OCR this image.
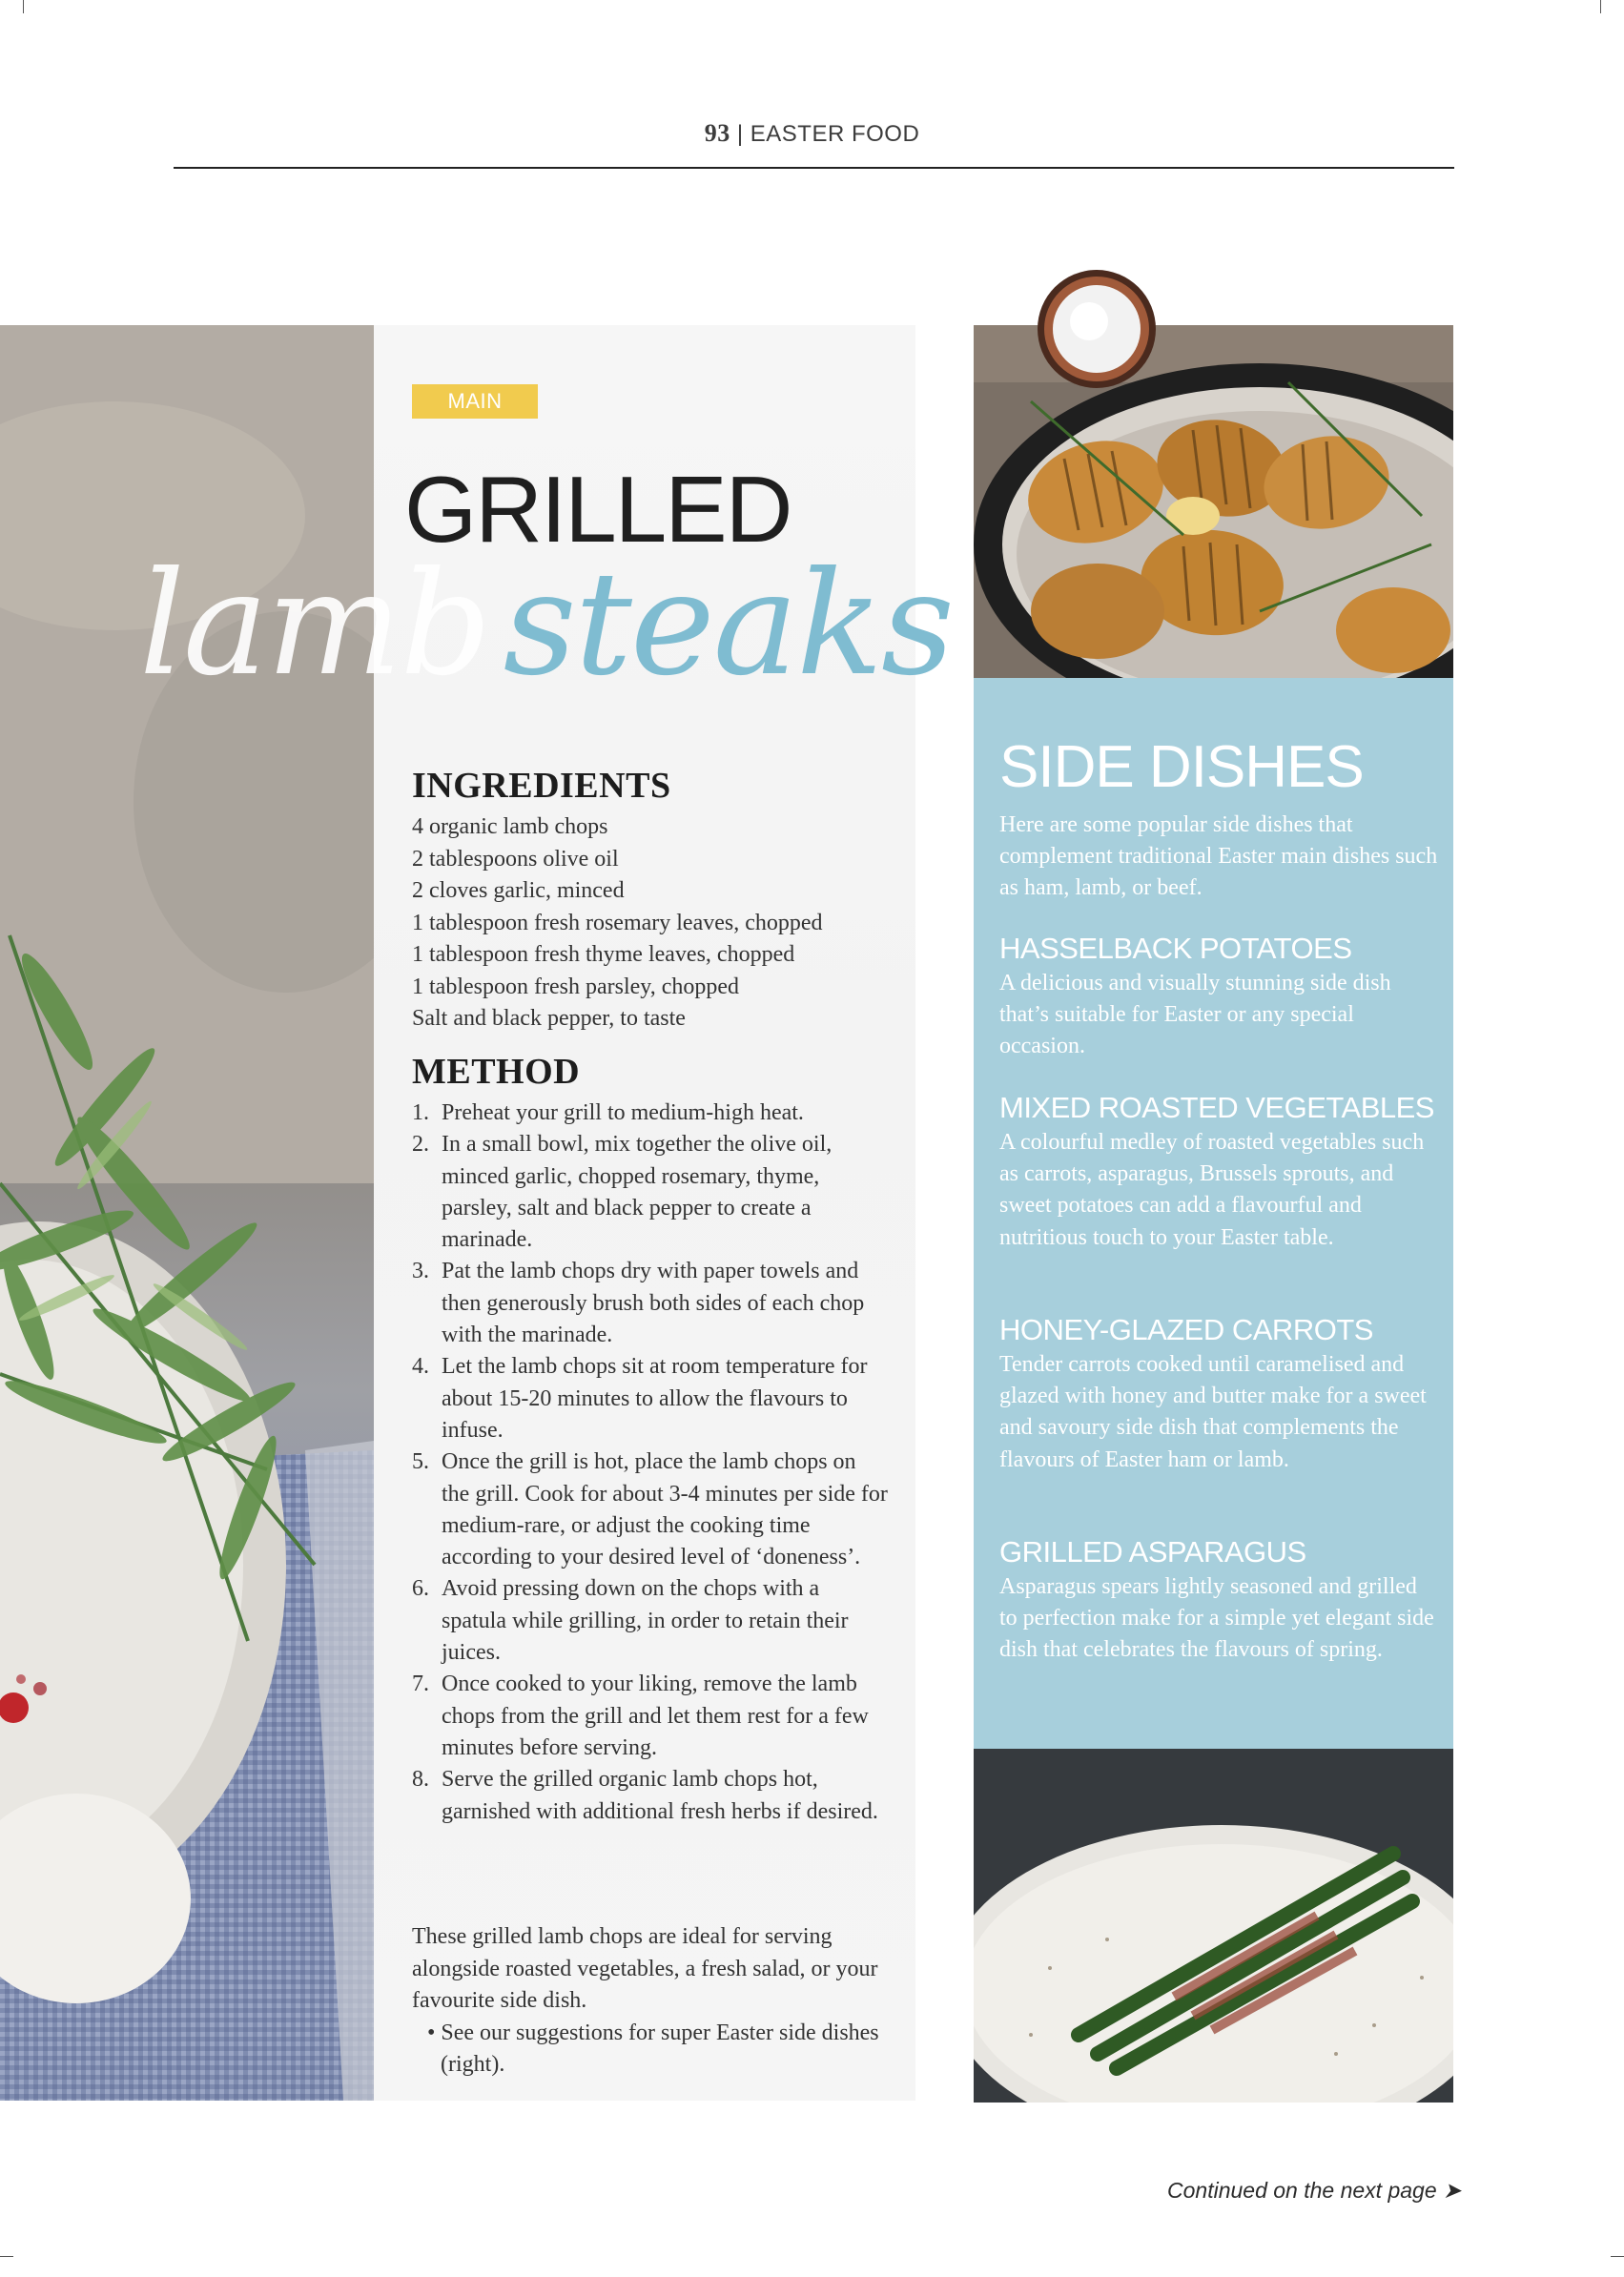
93 | EASTER FOOD
MAIN
GRILLED
lambsteaks
INGREDIENTS
4 organic lamb chops
2 tablespoons olive oil
2 cloves garlic, minced
1 tablespoon fresh rosemary leaves, chopped
1 tablespoon fresh thyme leaves, chopped
1 tablespoon fresh parsley, chopped
Salt and black pepper, to taste
METHOD
1. Preheat your grill to medium-high heat.
2. In a small bowl, mix together the olive oil, minced garlic, chopped rosemary, thyme, parsley, salt and black pepper to create a marinade.
3. Pat the lamb chops dry with paper towels and then generously brush both sides of each chop with the marinade.
4. Let the lamb chops sit at room temperature for about 15-20 minutes to allow the flavours to infuse.
5. Once the grill is hot, place the lamb chops on the grill. Cook for about 3-4 minutes per side for medium-rare, or adjust the cooking time according to your desired level of ‘doneness’.
6. Avoid pressing down on the chops with a spatula while grilling, in order to retain their juices.
7. Once cooked to your liking, remove the lamb chops from the grill and let them rest for a few minutes before serving.
8. Serve the grilled organic lamb chops hot, garnished with additional fresh herbs if desired.

These grilled lamb chops are ideal for serving alongside roasted vegetables, a fresh salad, or your favourite side dish.

• See our suggestions for super Easter side dishes (right).

SIDE DISHES
Here are some popular side dishes that complement traditional Easter main dishes such as ham, lamb, or beef.
HASSELBACK POTATOES
A delicious and visually stunning side dish that’s suitable for Easter or any special occasion.
MIXED ROASTED VEGETABLES
A colourful medley of roasted vegetables such as carrots, asparagus, Brussels sprouts, and sweet potatoes can add a flavourful and nutritious touch to your Easter table.
HONEY-GLAZED CARROTS
Tender carrots cooked until caramelised and glazed with honey and butter make for a sweet and savoury side dish that complements the flavours of Easter ham or lamb.
GRILLED ASPARAGUS
Asparagus spears lightly seasoned and grilled to perfection make for a simple yet elegant side dish that celebrates the flavours of spring.
Continued on the next page ➤
